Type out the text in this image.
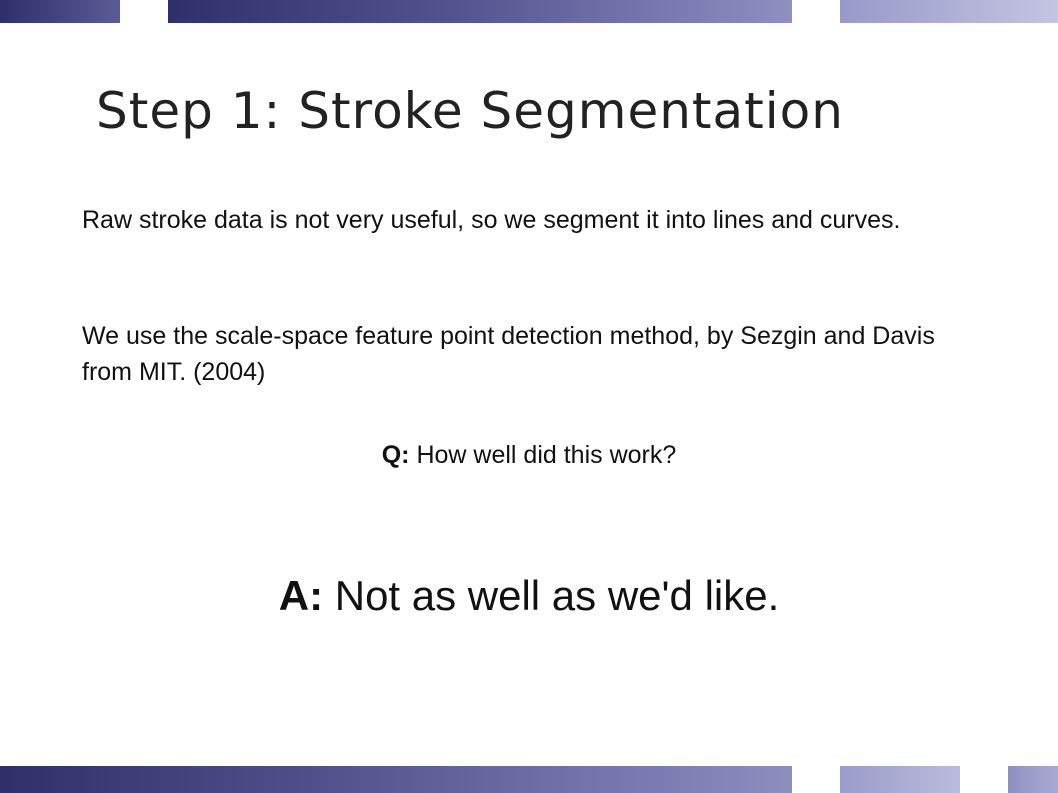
Step 1: Stroke Segmentation

Raw stroke data is not very useful, so we segment it into lines and curves.

We use the scale-space feature point detection method, by Sezgin and Davis from MIT. (2004)

Q: How well did this work?
A: Not as well as we'd like.
